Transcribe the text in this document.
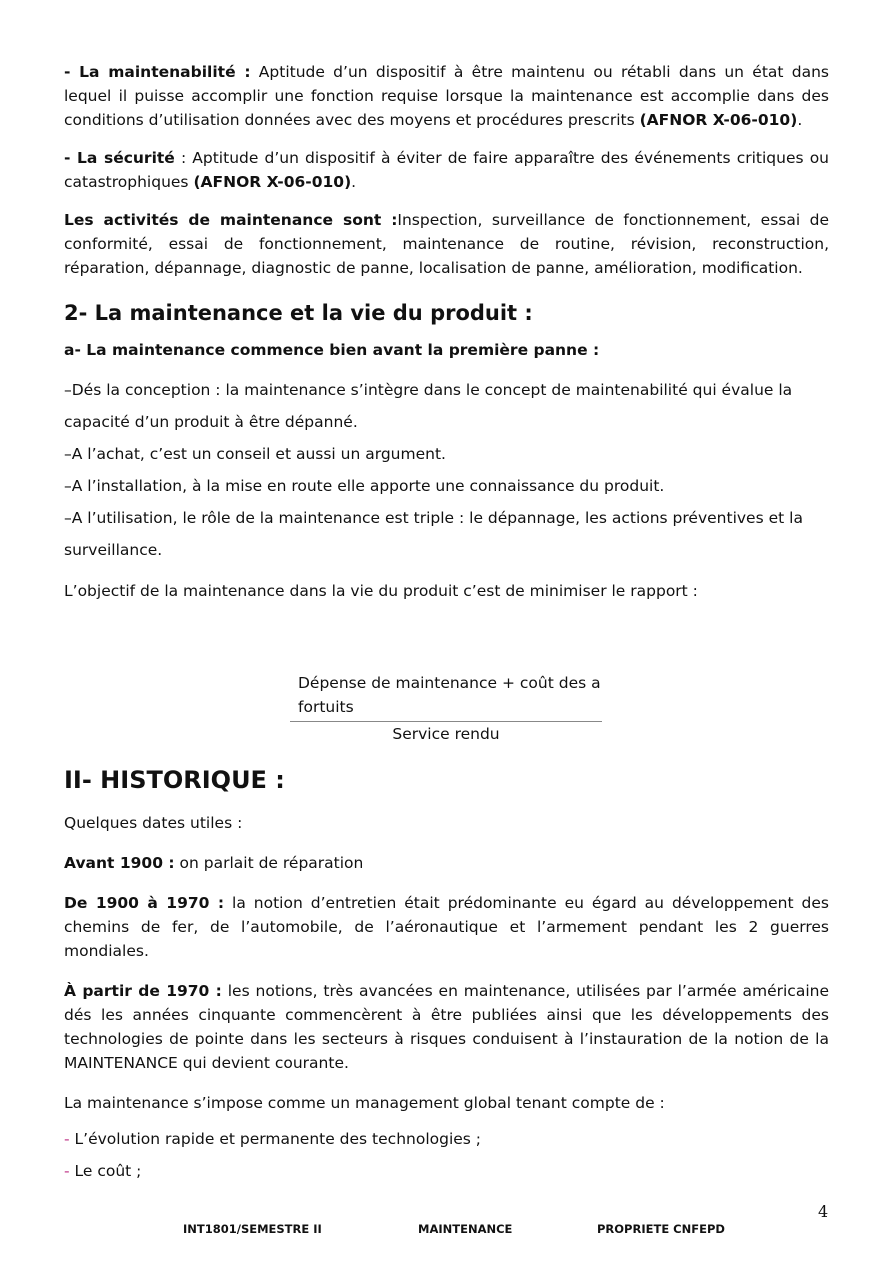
- La maintenabilité : Aptitude d’un dispositif à être maintenu ou rétabli dans un état dans lequel il puisse accomplir une fonction requise lorsque la maintenance est accomplie dans des conditions d’utilisation données avec des moyens et procédures prescrits (AFNOR X-06-010).

- La sécurité : Aptitude d’un dispositif à éviter de faire apparaître des événements critiques ou catastrophiques (AFNOR X-06-010).

Les activités de maintenance sont :Inspection, surveillance de fonctionnement, essai de conformité, essai de fonctionnement, maintenance de routine, révision, reconstruction, réparation, dépannage, diagnostic de panne, localisation de panne, amélioration, modification.

2- La maintenance et la vie du produit :
a- La maintenance commence bien avant la première panne :
–Dés la conception : la maintenance s’intègre dans le concept de maintenabilité qui évalue la capacité d’un produit à être dépanné.
–A l’achat, c’est un conseil et aussi un argument.
–A l’installation, à la mise en route elle apporte une connaissance du produit.
–A l’utilisation, le rôle de la maintenance est triple : le dépannage, les actions préventives et la surveillance.

L’objectif de la maintenance dans la vie du produit c’est de minimiser le rapport :

Dépense de maintenance + coût des a fortuits
Service rendu
II- HISTORIQUE :

Quelques dates utiles :

Avant 1900 : on parlait de réparation

De 1900 à 1970 : la notion d’entretien était prédominante eu égard au développement des chemins de fer, de l’automobile, de l’aéronautique et l’armement pendant les 2 guerres mondiales.

À partir de 1970 : les notions, très avancées en maintenance, utilisées par l’armée américaine dés les années cinquante commencèrent à être publiées ainsi que les développements des technologies de pointe dans les secteurs à risques conduisent à l’instauration de la notion de la MAINTENANCE qui devient courante.

La maintenance s’impose comme un management global tenant compte de :

- L’évolution rapide et permanente des technologies ;
- Le coût ;
4
INT1801/SEMESTRE II	MAINTENANCE	PROPRIETE CNFEPD
